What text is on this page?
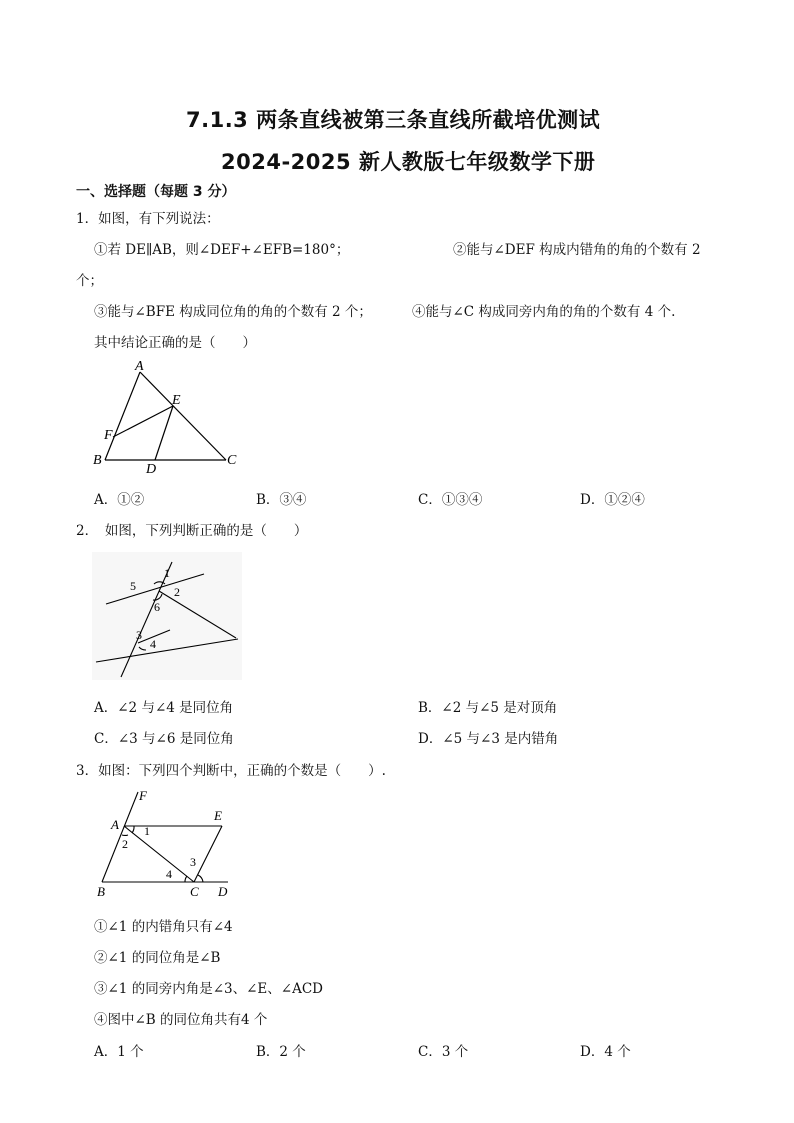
7.1.3 两条直线被第三条直线所截培优测试
2024-2025 新人教版七年级数学下册
一、选择题（每题 3 分）
1．如图，有下列说法：
①若 DE∥AB，则∠DEF+∠EFB=180°；	②能与∠DEF 构成内错角的角的个数有 2
个；
③能与∠BFE 构成同位角的角的个数有 2 个；	④能与∠C 构成同旁内角的角的个数有 4 个.
其中结论正确的是（　　）
A
E
F
B
D
C
A．①②	B．③④	C．①③④	D．①②④
2．　如图，下列判断正确的是（　　）
1
5	2
6
3
4
A．∠2 与∠4 是同位角	B．∠2 与∠5 是对顶角
C．∠3 与∠6 是同位角	D．∠5 与∠3 是内错角
3．如图：下列四个判断中，正确的个数是（　　）.
F
A
E
B	C D
1
2
3
4
①∠1 的内错角只有∠4
②∠1 的同位角是∠B
③∠1 的同旁内角是∠3、∠E、∠ACD
④图中∠B 的同位角共有4 个
A．1 个	B．2 个	C．3 个	D．4 个
